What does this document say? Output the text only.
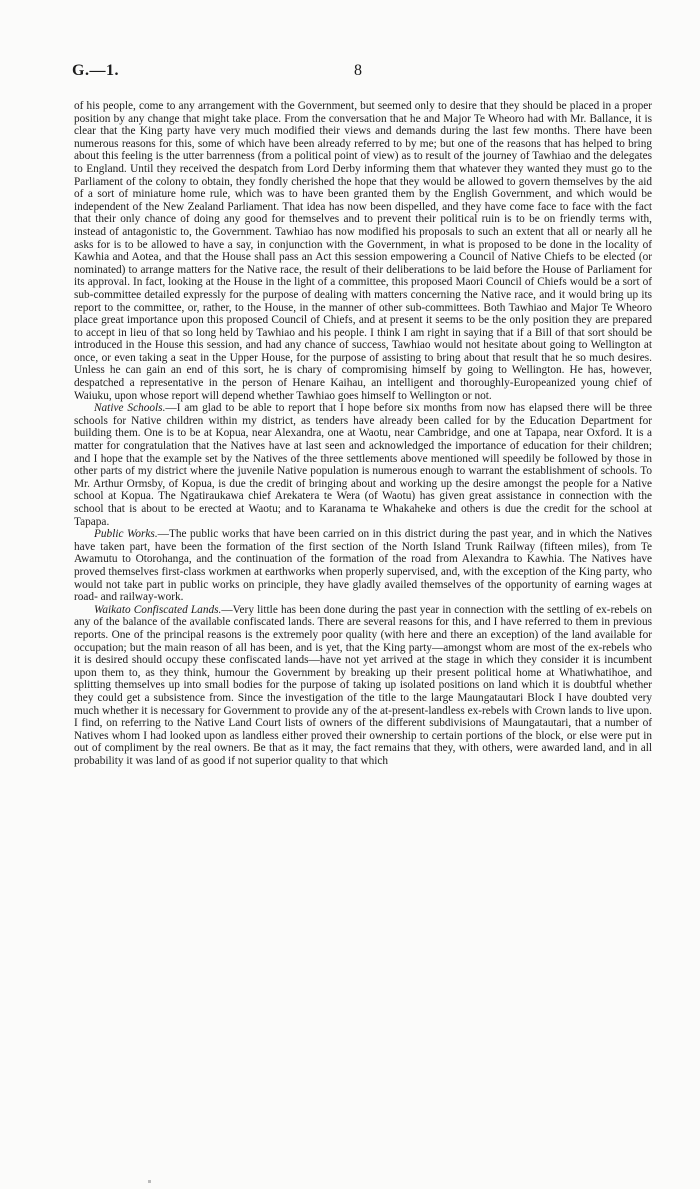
G.—1.	8

of his people, come to any arrangement with the Government, but seemed only to desire that they should be placed in a proper position by any change that might take place. From the conversation that he and Major Te Wheoro had with Mr. Ballance, it is clear that the King party have very much modified their views and demands during the last few months. There have been numerous reasons for this, some of which have been already referred to by me; but one of the reasons that has helped to bring about this feeling is the utter barrenness (from a political point of view) as to result of the journey of Tawhiao and the delegates to England. Until they received the despatch from Lord Derby informing them that whatever they wanted they must go to the Parliament of the colony to obtain, they fondly cherished the hope that they would be allowed to govern themselves by the aid of a sort of miniature home rule, which was to have been granted them by the English Government, and which would be independent of the New Zealand Parliament. That idea has now been dispelled, and they have come face to face with the fact that their only chance of doing any good for themselves and to prevent their political ruin is to be on friendly terms with, instead of antagonistic to, the Government. Tawhiao has now modified his proposals to such an extent that all or nearly all he asks for is to be allowed to have a say, in conjunction with the Government, in what is proposed to be done in the locality of Kawhia and Aotea, and that the House shall pass an Act this session empowering a Council of Native Chiefs to be elected (or nominated) to arrange matters for the Native race, the result of their deliberations to be laid before the House of Parliament for its approval. In fact, looking at the House in the light of a committee, this proposed Maori Council of Chiefs would be a sort of sub-committee detailed expressly for the purpose of dealing with matters concerning the Native race, and it would bring up its report to the committee, or, rather, to the House, in the manner of other sub-committees. Both Tawhiao and Major Te Wheoro place great importance upon this proposed Council of Chiefs, and at present it seems to be the only position they are prepared to accept in lieu of that so long held by Tawhiao and his people. I think I am right in saying that if a Bill of that sort should be introduced in the House this session, and had any chance of success, Tawhiao would not hesitate about going to Wellington at once, or even taking a seat in the Upper House, for the purpose of assisting to bring about that result that he so much desires. Unless he can gain an end of this sort, he is chary of compromising himself by going to Wellington. He has, however, despatched a representative in the person of Henare Kaihau, an intelligent and thoroughly-Europeanized young chief of Waiuku, upon whose report will depend whether Tawhiao goes himself to Wellington or not.

Native Schools.—I am glad to be able to report that I hope before six months from now has elapsed there will be three schools for Native children within my district, as tenders have already been called for by the Education Department for building them. One is to be at Kopua, near Alexandra, one at Waotu, near Cambridge, and one at Tapapa, near Oxford. It is a matter for congratulation that the Natives have at last seen and acknowledged the importance of education for their children; and I hope that the example set by the Natives of the three settlements above mentioned will speedily be followed by those in other parts of my district where the juvenile Native population is numerous enough to warrant the establishment of schools. To Mr. Arthur Ormsby, of Kopua, is due the credit of bringing about and working up the desire amongst the people for a Native school at Kopua. The Ngatiraukawa chief Arekatera te Wera (of Waotu) has given great assistance in connection with the school that is about to be erected at Waotu; and to Karanama te Whakaheke and others is due the credit for the school at Tapapa.

Public Works.—The public works that have been carried on in this district during the past year, and in which the Natives have taken part, have been the formation of the first section of the North Island Trunk Railway (fifteen miles), from Te Awamutu to Otorohanga, and the continuation of the formation of the road from Alexandra to Kawhia. The Natives have proved themselves first-class workmen at earthworks when properly supervised, and, with the exception of the King party, who would not take part in public works on principle, they have gladly availed themselves of the opportunity of earning wages at road- and railway-work.

Waikato Confiscated Lands.—Very little has been done during the past year in connection with the settling of ex-rebels on any of the balance of the available confiscated lands. There are several reasons for this, and I have referred to them in previous reports. One of the principal reasons is the extremely poor quality (with here and there an exception) of the land available for occupation; but the main reason of all has been, and is yet, that the King party—amongst whom are most of the ex-rebels who it is desired should occupy these confiscated lands—have not yet arrived at the stage in which they consider it is incumbent upon them to, as they think, humour the Government by breaking up their present political home at Whatiwhatihoe, and splitting themselves up into small bodies for the purpose of taking up isolated positions on land which it is doubtful whether they could get a subsistence from. Since the investigation of the title to the large Maungatautari Block I have doubted very much whether it is necessary for Government to provide any of the at-present-landless ex-rebels with Crown lands to live upon. I find, on referring to the Native Land Court lists of owners of the different subdivisions of Maungatautari, that a number of Natives whom I had looked upon as landless either proved their ownership to certain portions of the block, or else were put in out of compliment by the real owners. Be that as it may, the fact remains that they, with others, were awarded land, and in all probability it was land of as good if not superior quality to that which
